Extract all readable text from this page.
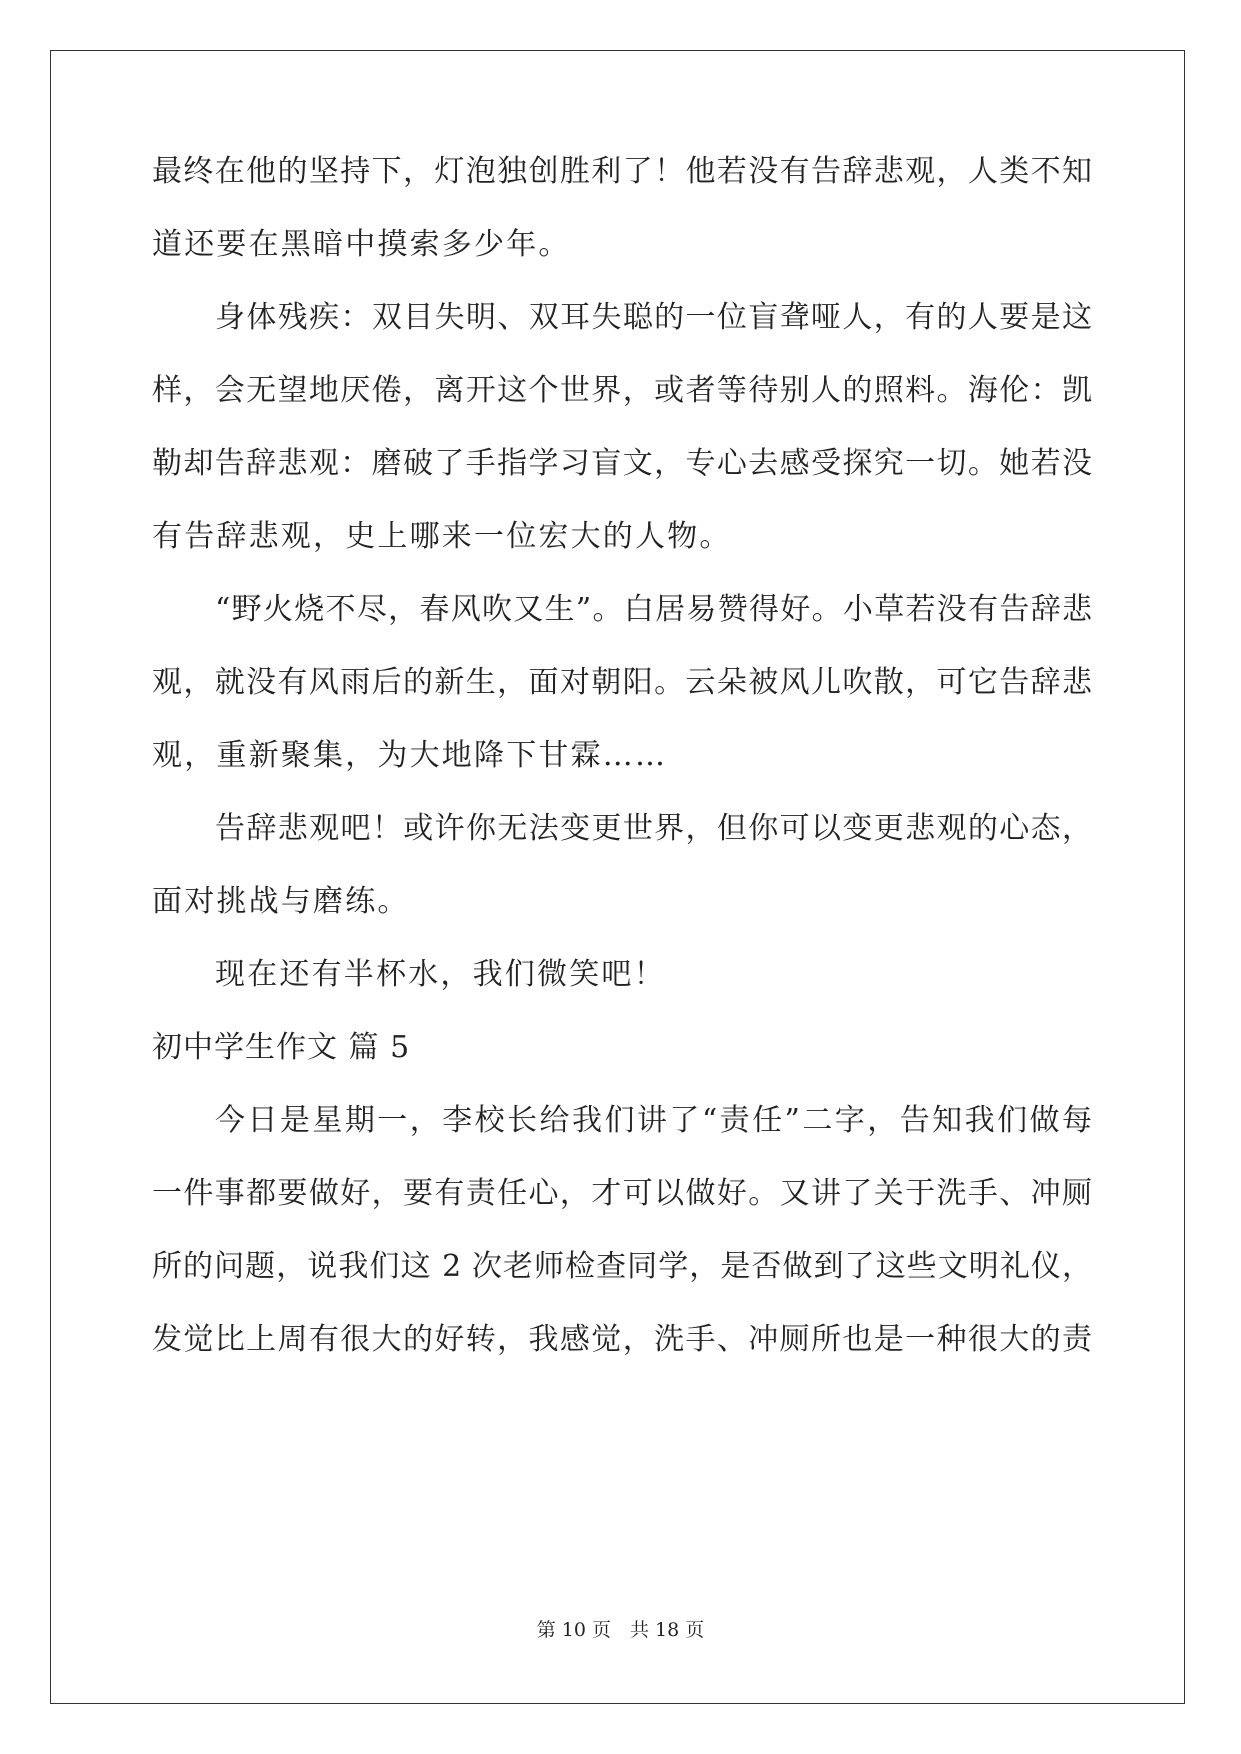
最终在他的坚持下，灯泡独创胜利了！他若没有告辞悲观，人类不知
道还要在黑暗中摸索多少年。
身体残疾：双目失明、双耳失聪的一位盲聋哑人，有的人要是这
样，会无望地厌倦，离开这个世界，或者等待别人的照料。海伦：凯
勒却告辞悲观：磨破了手指学习盲文，专心去感受探究一切。她若没
有告辞悲观，史上哪来一位宏大的人物。
“野火烧不尽，春风吹又生”。白居易赞得好。小草若没有告辞悲
观，就没有风雨后的新生，面对朝阳。云朵被风儿吹散，可它告辞悲
观，重新聚集，为大地降下甘霖……
告辞悲观吧！或许你无法变更世界，但你可以变更悲观的心态，
面对挑战与磨练。
现在还有半杯水，我们微笑吧！
初中学生作文 篇 5
今日是星期一，李校长给我们讲了“责任”二字，告知我们做每
一件事都要做好，要有责任心，才可以做好。又讲了关于洗手、冲厕
所的问题，说我们这 2 次老师检查同学，是否做到了这些文明礼仪，
发觉比上周有很大的好转，我感觉，洗手、冲厕所也是一种很大的责
第 10 页　共 18 页
